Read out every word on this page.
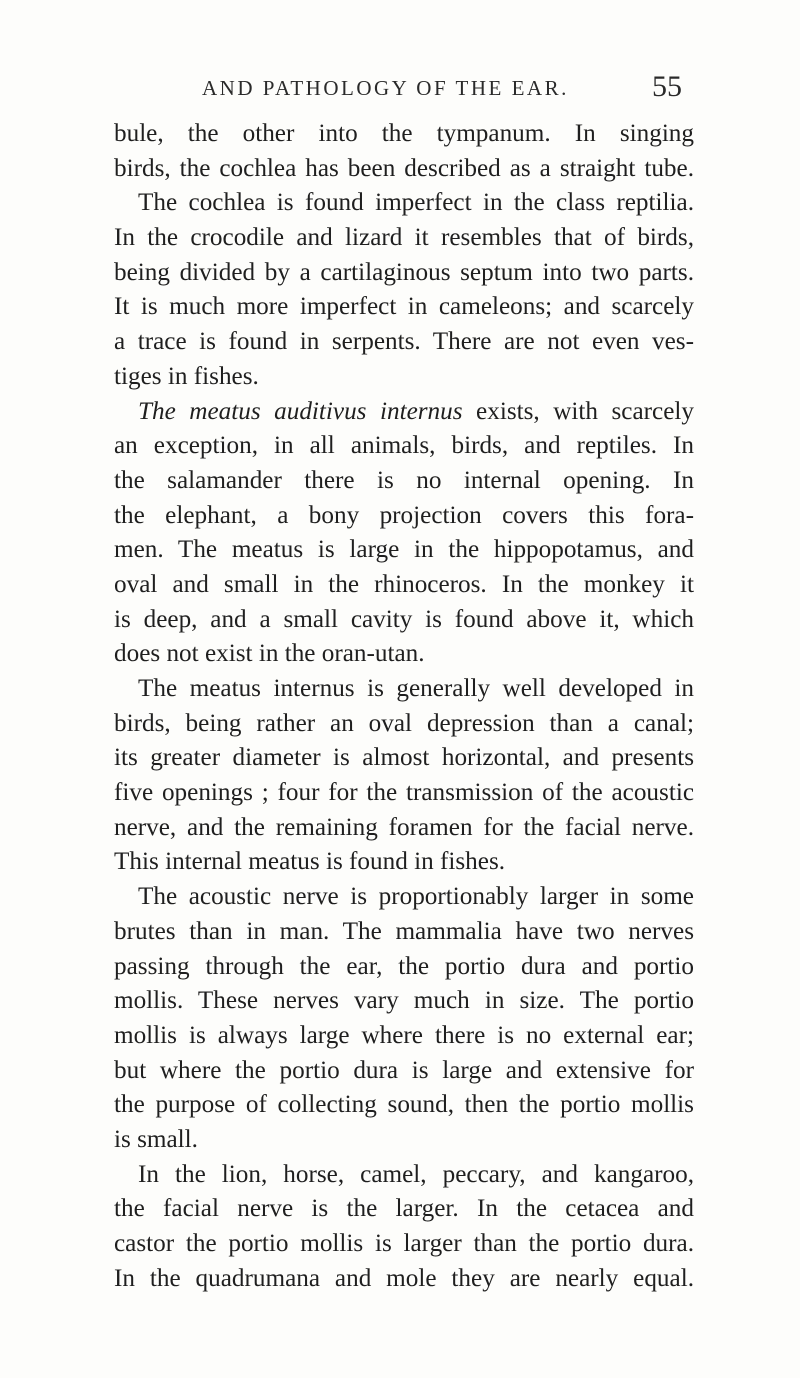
AND PATHOLOGY OF THE EAR.	55
bule, the other into the tympanum. In singing
birds, the cochlea has been described as a straight tube.
The cochlea is found imperfect in the class reptilia.
In the crocodile and lizard it resembles that of birds,
being divided by a cartilaginous septum into two parts.
It is much more imperfect in cameleons; and scarcely
a trace is found in serpents. There are not even ves-
tiges in fishes.
The meatus auditivus internus exists, with scarcely
an exception, in all animals, birds, and reptiles. In
the salamander there is no internal opening. In
the elephant, a bony projection covers this fora-
men. The meatus is large in the hippopotamus, and
oval and small in the rhinoceros. In the monkey it
is deep, and a small cavity is found above it, which
does not exist in the oran-utan.
The meatus internus is generally well developed in
birds, being rather an oval depression than a canal;
its greater diameter is almost horizontal, and presents
five openings ; four for the transmission of the acoustic
nerve, and the remaining foramen for the facial nerve.
This internal meatus is found in fishes.
The acoustic nerve is proportionably larger in some
brutes than in man. The mammalia have two nerves
passing through the ear, the portio dura and portio
mollis. These nerves vary much in size. The portio
mollis is always large where there is no external ear;
but where the portio dura is large and extensive for
the purpose of collecting sound, then the portio mollis
is small.
In the lion, horse, camel, peccary, and kangaroo,
the facial nerve is the larger. In the cetacea and
castor the portio mollis is larger than the portio dura.
In the quadrumana and mole they are nearly equal.
